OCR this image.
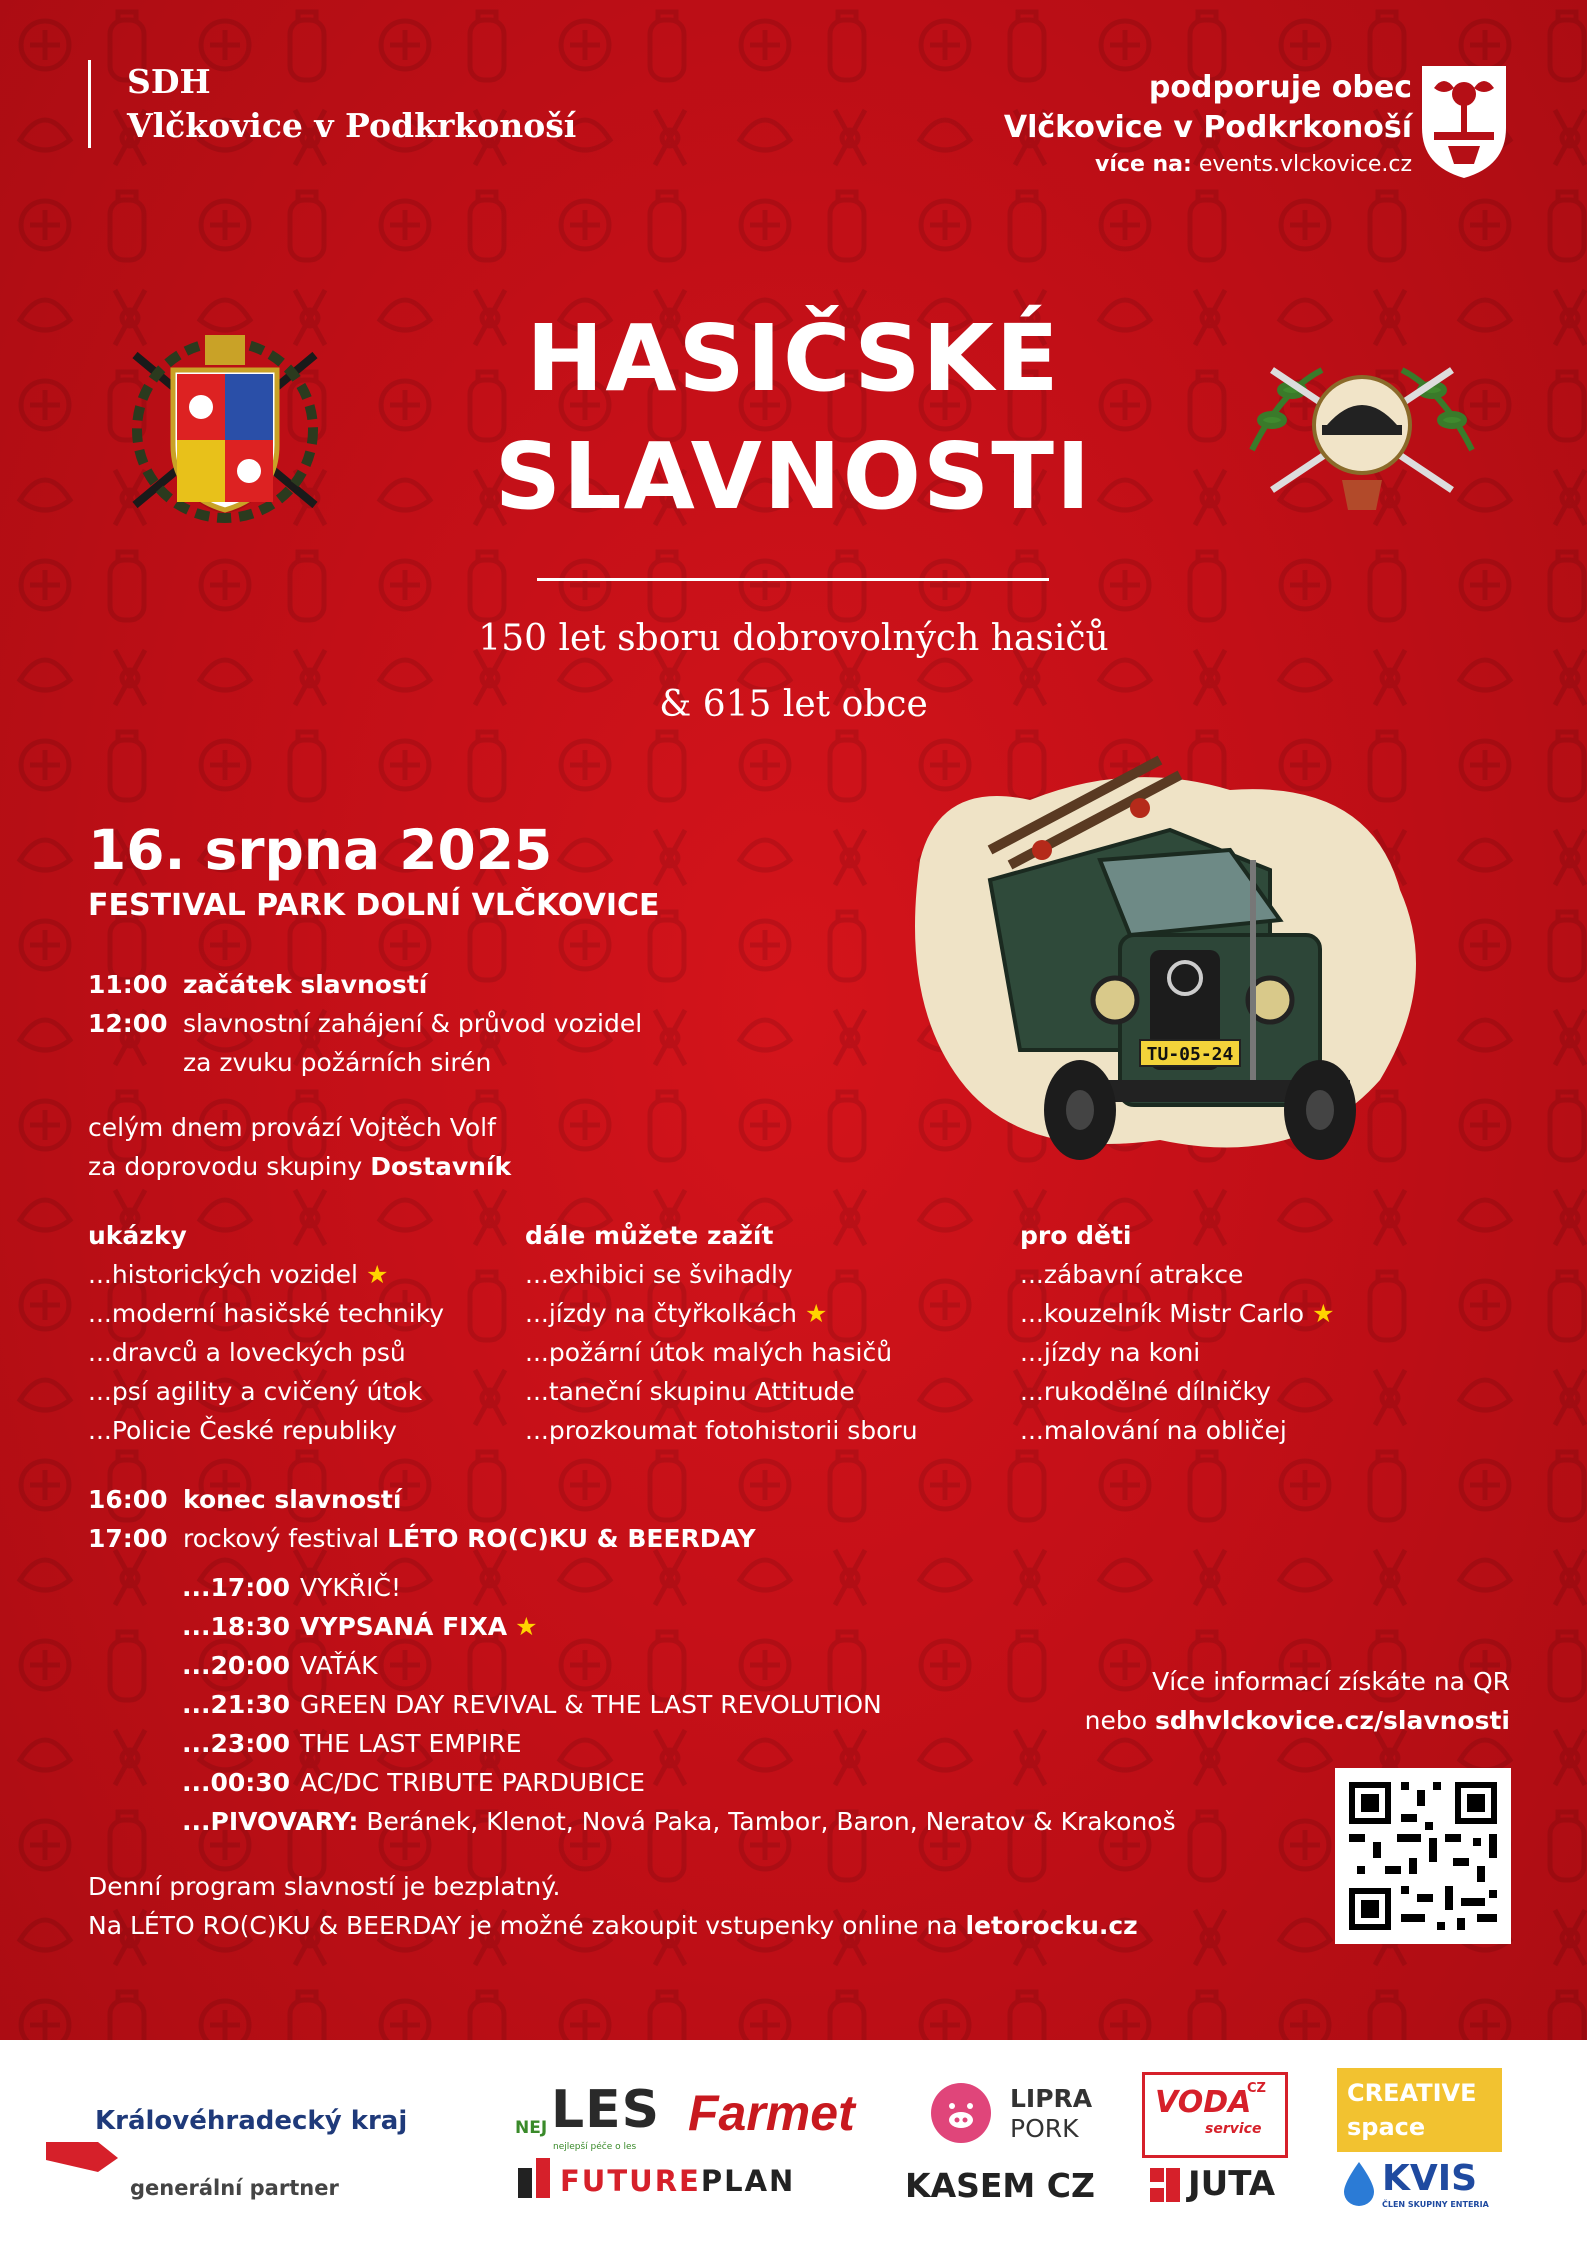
SDH
Vlčkovice v Podkrkonoší
podporuje obec
Vlčkovice v Podkrkonoší
více na: events.vlckovice.cz
HASIČSKÉ
SLAVNOSTI
150 let sboru dobrovolných hasičů
& 615 let obce
16. srpna 2025
FESTIVAL PARK DOLNÍ VLČKOVICE
TU-05-24
11:00 začátek slavností
12:00 slavnostní zahájení & průvod vozidel
za zvuku požárních sirén
celým dnem provází Vojtěch Volf
za doprovodu skupiny Dostavník
ukázky
...historických vozidel ★
...moderní hasičské techniky
...dravců a loveckých psů
...psí agility a cvičený útok
...Policie České republiky
dále můžete zažít
...exhibici se švihadly
...jízdy na čtyřkolkách ★
...požární útok malých hasičů
...taneční skupinu Attitude
...prozkoumat fotohistorii sboru
pro děti
...zábavní atrakce
...kouzelník Mistr Carlo ★
...jízdy na koni
...rukodělné dílničky
...malování na obličej
16:00 konec slavností
17:00 rockový festival LÉTO RO(C)KU & BEERDAY
...17:00 VYKŘIČ!
...18:30 VYPSANÁ FIXA ★
...20:00 VAŤÁK
...21:30 GREEN DAY REVIVAL & THE LAST REVOLUTION
...23:00 THE LAST EMPIRE
...00:30 AC/DC TRIBUTE PARDUBICE
...PIVOVARY: Beránek, Klenot, Nová Paka, Tambor, Baron, Neratov & Krakonoš
Více informací získáte na QR
nebo sdhvlckovice.cz/slavnosti
Denní program slavností je bezplatný.
Na LÉTO RO(C)KU & BEERDAY je možné zakoupit vstupenky online na letorocku.cz
Královéhradecký kraj
generální partner
NEJ LES
nejlepší péče o les
Farmet	LIPRA
PORK
VODA
CZ
service
CREATIVE
space
FUTUREPLAN	KASEM CZ	JUTA	KVIS
ČLEN SKUPINY ENTERIA
